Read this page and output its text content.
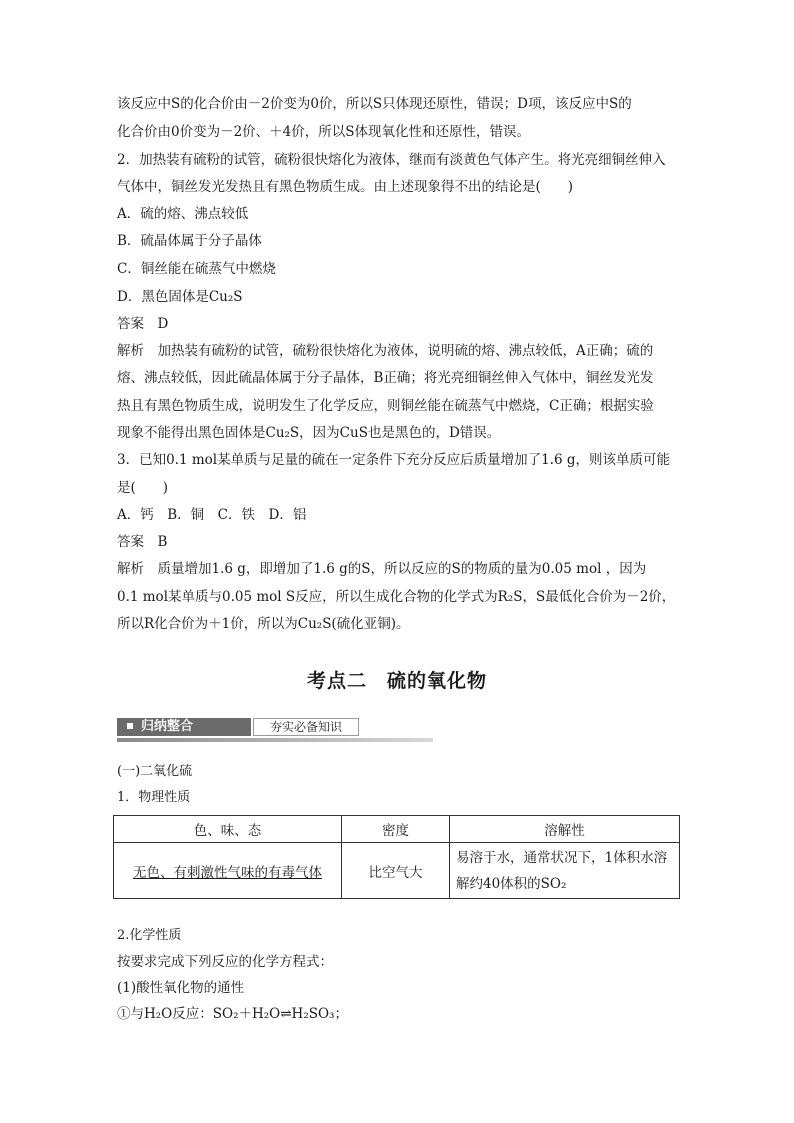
该反应中S的化合价由－2价变为0价，所以S只体现还原性，错误；D项，该反应中S的
化合价由0价变为－2价、＋4价，所以S体现氧化性和还原性，错误。
2．加热装有硫粉的试管，硫粉很快熔化为液体，继而有淡黄色气体产生。将光亮细铜丝伸入
气体中，铜丝发光发热且有黑色物质生成。由上述现象得不出的结论是(　　)
A．硫的熔、沸点较低
B．硫晶体属于分子晶体
C．铜丝能在硫蒸气中燃烧
D．黑色固体是Cu₂S
答案　D
解析　加热装有硫粉的试管，硫粉很快熔化为液体，说明硫的熔、沸点较低，A正确；硫的
熔、沸点较低，因此硫晶体属于分子晶体，B正确；将光亮细铜丝伸入气体中，铜丝发光发
热且有黑色物质生成，说明发生了化学反应，则铜丝能在硫蒸气中燃烧，C正确；根据实验
现象不能得出黑色固体是Cu₂S，因为CuS也是黑色的，D错误。
3．已知0.1 mol某单质与足量的硫在一定条件下充分反应后质量增加了1.6 g，则该单质可能
是(　　)
A．钙　B．铜　C．铁　D．铝
答案　B
解析　质量增加1.6 g，即增加了1.6 g的S，所以反应的S的物质的量为0.05 mol ，因为
0.1 mol某单质与0.05 mol S反应，所以生成化合物的化学式为R₂S，S最低化合价为－2价，
所以R化合价为＋1价，所以为Cu₂S(硫化亚铜)。
考点二　硫的氧化物
归纳整合	夯实必备知识
(一)二氧化硫
1．物理性质
色、味、态	密度	溶解性
无色、有刺激性气味的有毒气体	比空气大	易溶于水，通常状况下，1体积水溶
解约40体积的SO₂
2.化学性质
按要求完成下列反应的化学方程式：
(1)酸性氧化物的通性
①与H₂O反应：SO₂＋H₂O⇌H₂SO₃；
